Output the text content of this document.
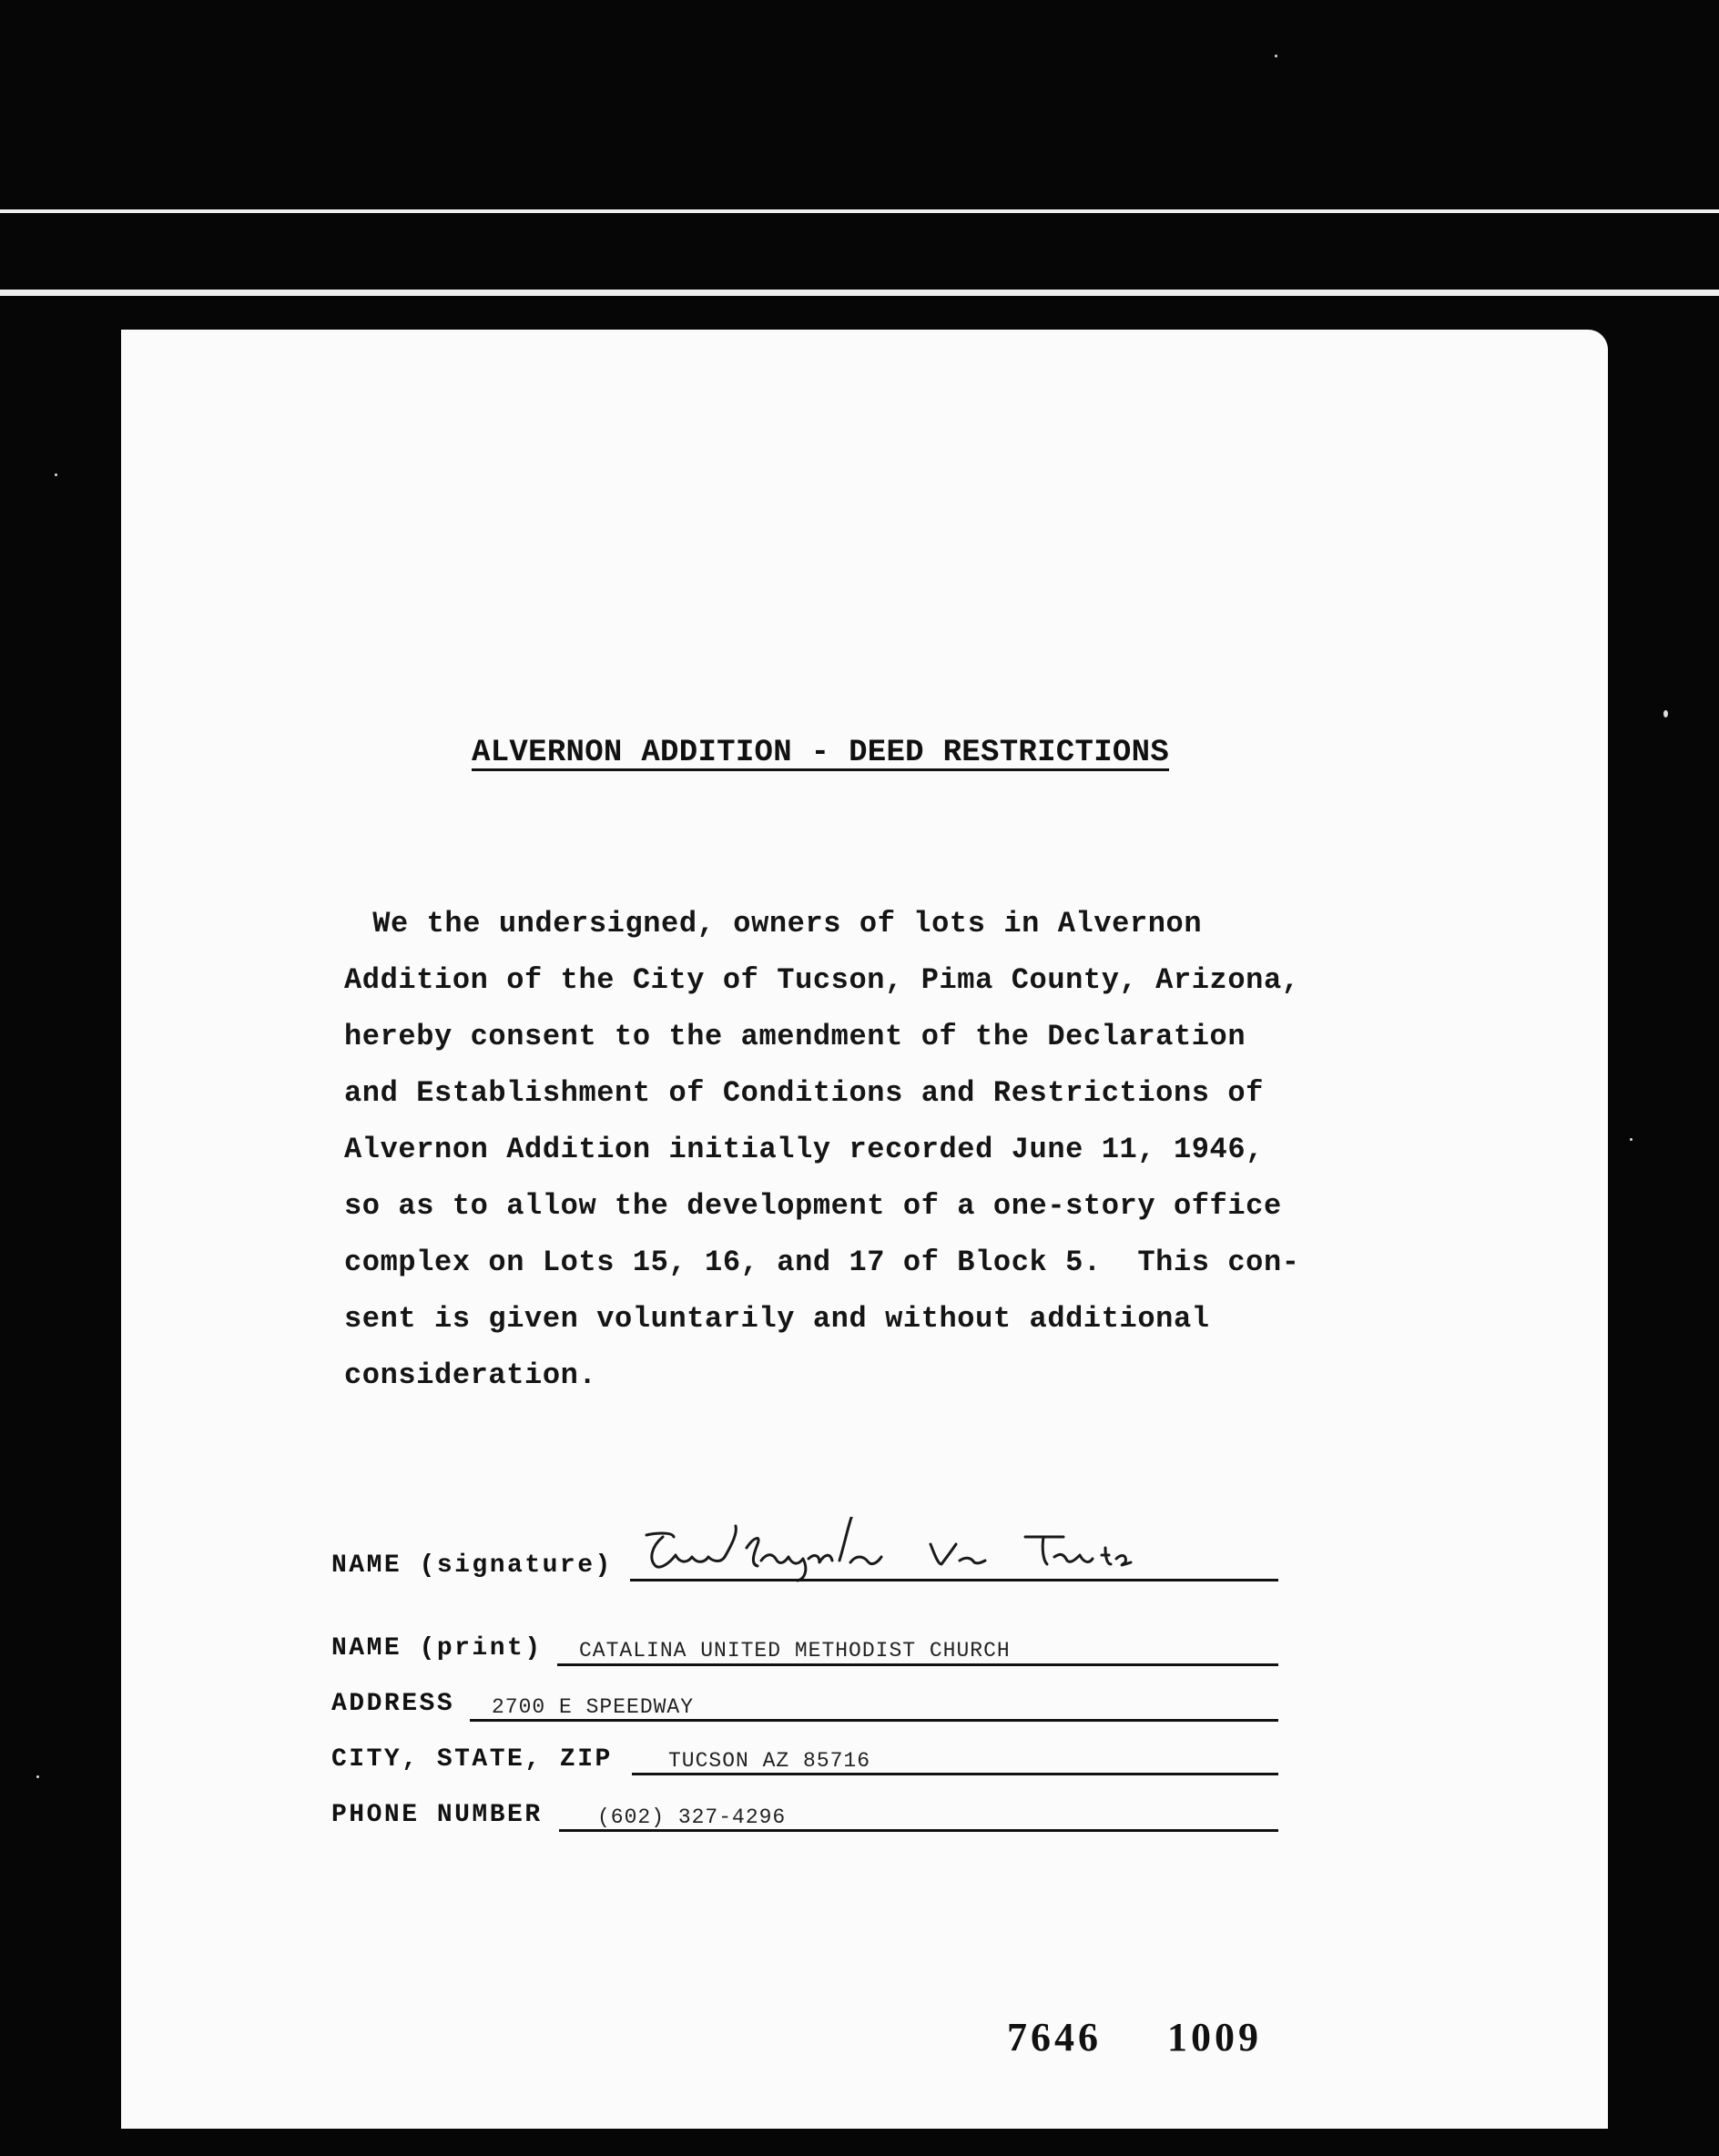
ALVERNON ADDITION - DEED RESTRICTIONS
We the undersigned, owners of lots in Alvernon
Addition of the City of Tucson, Pima County, Arizona,
hereby consent to the amendment of the Declaration
and Establishment of Conditions and Restrictions of
Alvernon Addition initially recorded June 11, 1946,
so as to allow the development of a one-story office
complex on Lots 15, 16, and 17 of Block 5.  This con-
sent is given voluntarily and without additional
consideration.
NAME (signature)
NAME (print) CATALINA UNITED METHODIST CHURCH
ADDRESS 2700 E SPEEDWAY
CITY, STATE, ZIP	TUCSON AZ 85716
PHONE NUMBER	(602) 327-4296
7646 1009
